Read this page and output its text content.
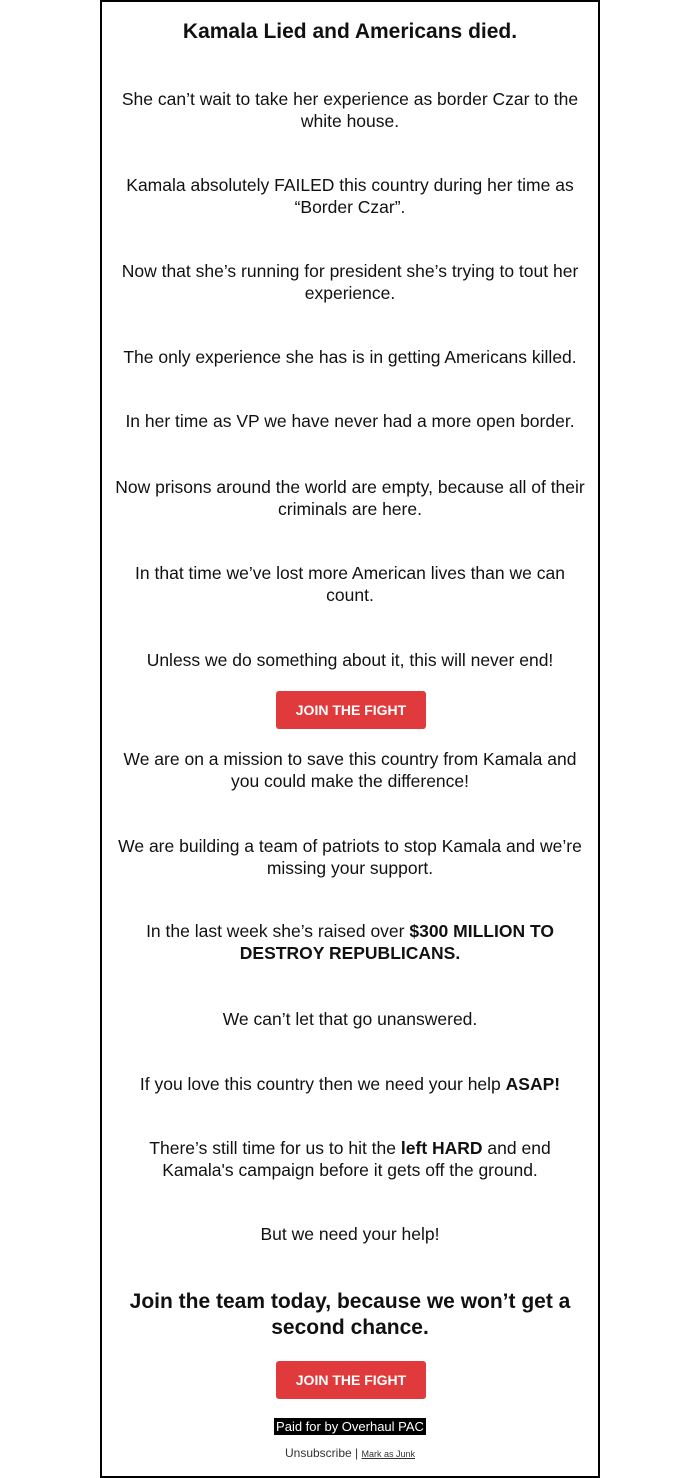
Kamala Lied and Americans died.
She can’t wait to take her experience as border Czar to the white house.
Kamala absolutely FAILED this country during her time as “Border Czar”.
Now that she’s running for president she’s trying to tout her experience.
The only experience she has is in getting Americans killed.
In her time as VP we have never had a more open border.
Now prisons around the world are empty, because all of their criminals are here.
In that time we’ve lost more American lives than we can count.
Unless we do something about it, this will never end!
JOIN THE FIGHT
We are on a mission to save this country from Kamala and you could make the difference!
We are building a team of patriots to stop Kamala and we’re missing your support.
In the last week she’s raised over $300 MILLION TO DESTROY REPUBLICANS.
We can’t let that go unanswered.
If you love this country then we need your help ASAP!
There’s still time for us to hit the left HARD and end Kamala's campaign before it gets off the ground.
But we need your help!
Join the team today, because we won’t get a second chance.
JOIN THE FIGHT
Paid for by Overhaul PAC
Unsubscribe | Mark as Junk
